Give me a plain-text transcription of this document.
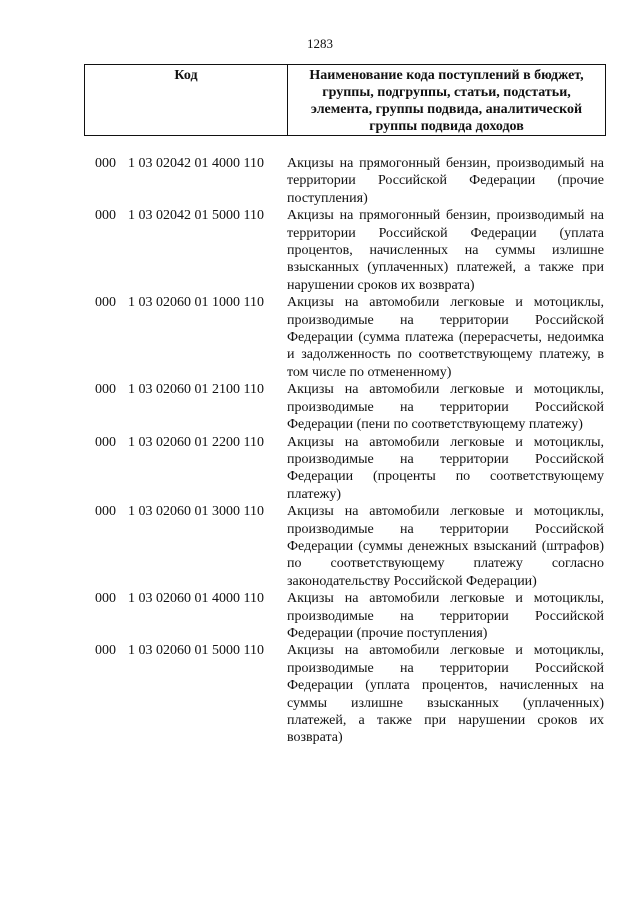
1283
Код	Наименование кода поступлений в бюджет, группы, подгруппы, статьи, подстатьи, элемента, группы подвида, аналитической группы подвида доходов
000 1 03 02042 01 4000 110	Акцизы на прямогонный бензин, производимый на территории Российской Федерации (прочие поступления)
000 1 03 02042 01 5000 110	Акцизы на прямогонный бензин, производимый на территории Российской Федерации (уплата процентов, начисленных на суммы излишне взысканных (уплаченных) платежей, а также при нарушении сроков их возврата)
000 1 03 02060 01 1000 110	Акцизы на автомобили легковые и мотоциклы, производимые на территории Российской Федерации (сумма платежа (перерасчеты, недоимка и задолженность по соответствующему платежу, в том числе по отмененному)
000 1 03 02060 01 2100 110	Акцизы на автомобили легковые и мотоциклы, производимые на территории Российской Федерации (пени по соответствующему платежу)
000 1 03 02060 01 2200 110	Акцизы на автомобили легковые и мотоциклы, производимые на территории Российской Федерации (проценты по соответствующему платежу)
000 1 03 02060 01 3000 110	Акцизы на автомобили легковые и мотоциклы, производимые на территории Российской Федерации (суммы денежных взысканий (штрафов) по соответствующему платежу согласно законодательству Российской Федерации)
000 1 03 02060 01 4000 110	Акцизы на автомобили легковые и мотоциклы, производимые на территории Российской Федерации (прочие поступления)
000 1 03 02060 01 5000 110	Акцизы на автомобили легковые и мотоциклы, производимые на территории Российской Федерации (уплата процентов, начисленных на суммы излишне взысканных (уплаченных) платежей, а также при нарушении сроков их возврата)
